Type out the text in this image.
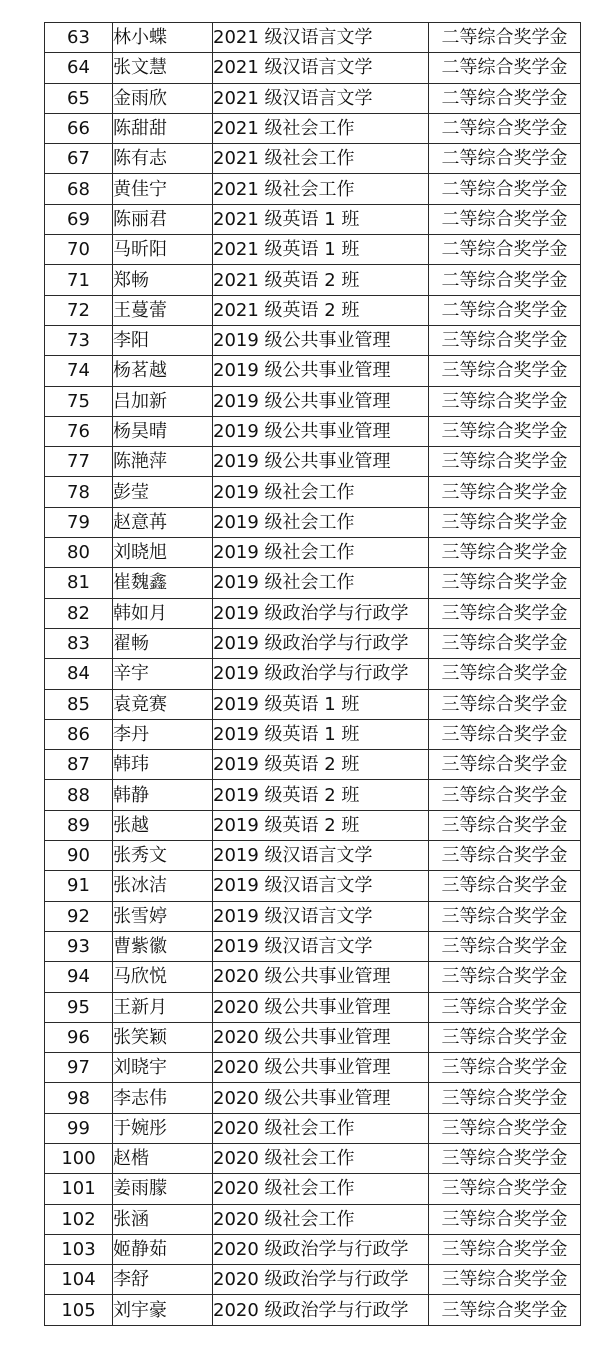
63	林小蝶	2021 级汉语言文学	二等综合奖学金
64	张文慧	2021 级汉语言文学	二等综合奖学金
65	金雨欣	2021 级汉语言文学	二等综合奖学金
66	陈甜甜	2021 级社会工作	二等综合奖学金
67	陈有志	2021 级社会工作	二等综合奖学金
68	黄佳宁	2021 级社会工作	二等综合奖学金
69	陈丽君	2021 级英语 1 班	二等综合奖学金
70	马昕阳	2021 级英语 1 班	二等综合奖学金
71	郑畅	2021 级英语 2 班	二等综合奖学金
72	王蔓蕾	2021 级英语 2 班	二等综合奖学金
73	李阳	2019 级公共事业管理	三等综合奖学金
74	杨茗越	2019 级公共事业管理	三等综合奖学金
75	吕加新	2019 级公共事业管理	三等综合奖学金
76	杨昊晴	2019 级公共事业管理	三等综合奖学金
77	陈滟萍	2019 级公共事业管理	三等综合奖学金
78	彭莹	2019 级社会工作	三等综合奖学金
79	赵意苒	2019 级社会工作	三等综合奖学金
80	刘晓旭	2019 级社会工作	三等综合奖学金
81	崔魏鑫	2019 级社会工作	三等综合奖学金
82	韩如月	2019 级政治学与行政学	三等综合奖学金
83	翟畅	2019 级政治学与行政学	三等综合奖学金
84	辛宇	2019 级政治学与行政学	三等综合奖学金
85	袁竟赛	2019 级英语 1 班	三等综合奖学金
86	李丹	2019 级英语 1 班	三等综合奖学金
87	韩玮	2019 级英语 2 班	三等综合奖学金
88	韩静	2019 级英语 2 班	三等综合奖学金
89	张越	2019 级英语 2 班	三等综合奖学金
90	张秀文	2019 级汉语言文学	三等综合奖学金
91	张冰洁	2019 级汉语言文学	三等综合奖学金
92	张雪婷	2019 级汉语言文学	三等综合奖学金
93	曹紫徽	2019 级汉语言文学	三等综合奖学金
94	马欣悦	2020 级公共事业管理	三等综合奖学金
95	王新月	2020 级公共事业管理	三等综合奖学金
96	张笑颖	2020 级公共事业管理	三等综合奖学金
97	刘晓宇	2020 级公共事业管理	三等综合奖学金
98	李志伟	2020 级公共事业管理	三等综合奖学金
99	于婉彤	2020 级社会工作	三等综合奖学金
100	赵楷	2020 级社会工作	三等综合奖学金
101	姜雨朦	2020 级社会工作	三等综合奖学金
102	张涵	2020 级社会工作	三等综合奖学金
103	姬静茹	2020 级政治学与行政学	三等综合奖学金
104	李舒	2020 级政治学与行政学	三等综合奖学金
105	刘宇豪	2020 级政治学与行政学	三等综合奖学金
